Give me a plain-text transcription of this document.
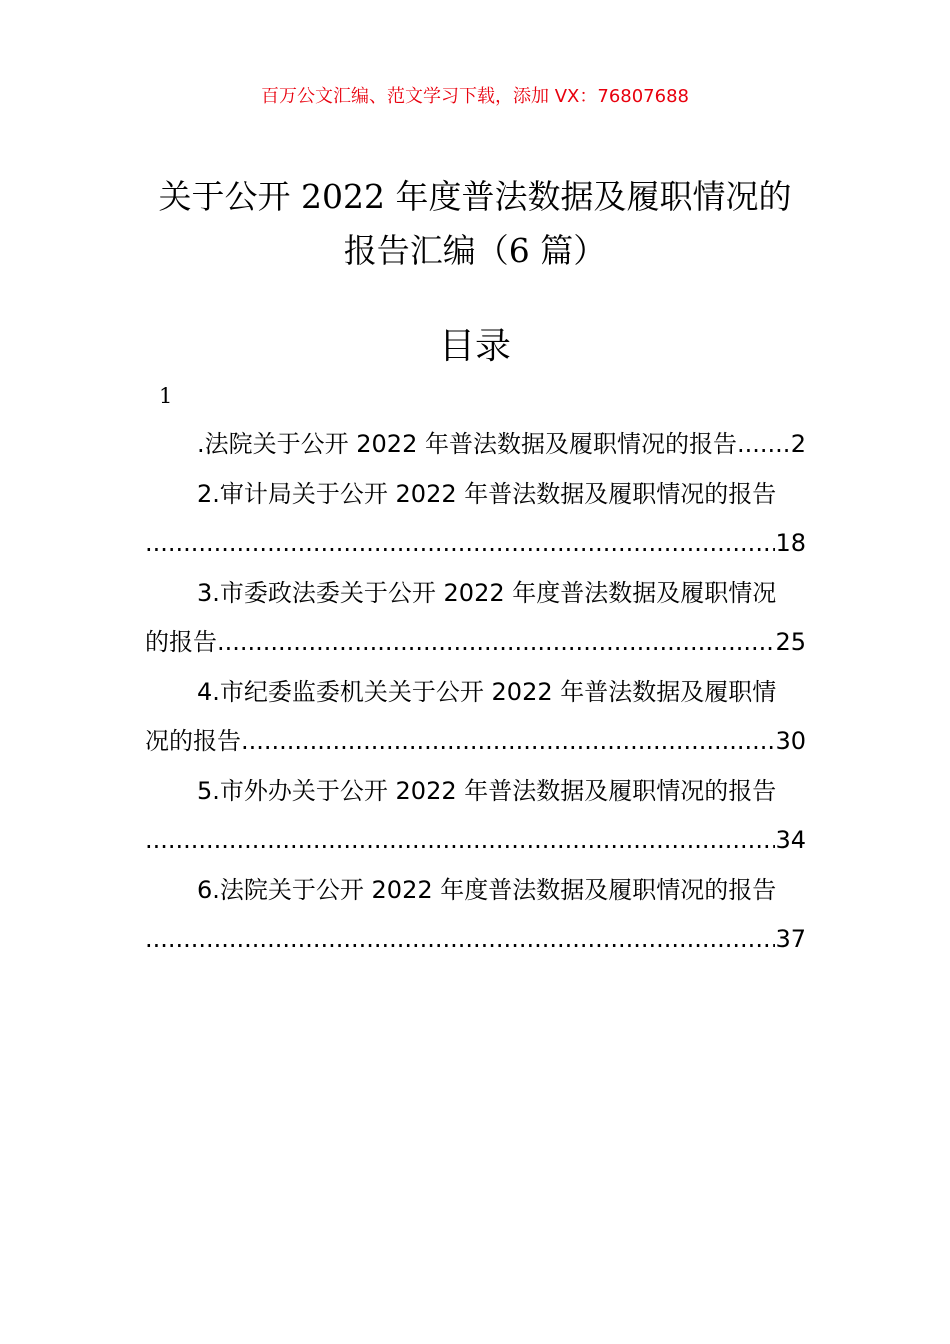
百万公文汇编、范文学习下载，添加 VX：76807688
关于公开 2022 年度普法数据及履职情况的
报告汇编（6 篇）
目录
1
.法院关于公开 2022 年普法数据及履职情况的报告 ..... 2
2.审计局关于公开 2022 年普法数据及履职情况的报告
.....
18
3.市委政法委关于公开 2022 年度普法数据及履职情况
的报告 .....	25
4.市纪委监委机关关于公开 2022 年普法数据及履职情
况的报告 .....	30
5.市外办关于公开 2022 年普法数据及履职情况的报告
.....
34
6.法院关于公开 2022 年度普法数据及履职情况的报告
.....
37
